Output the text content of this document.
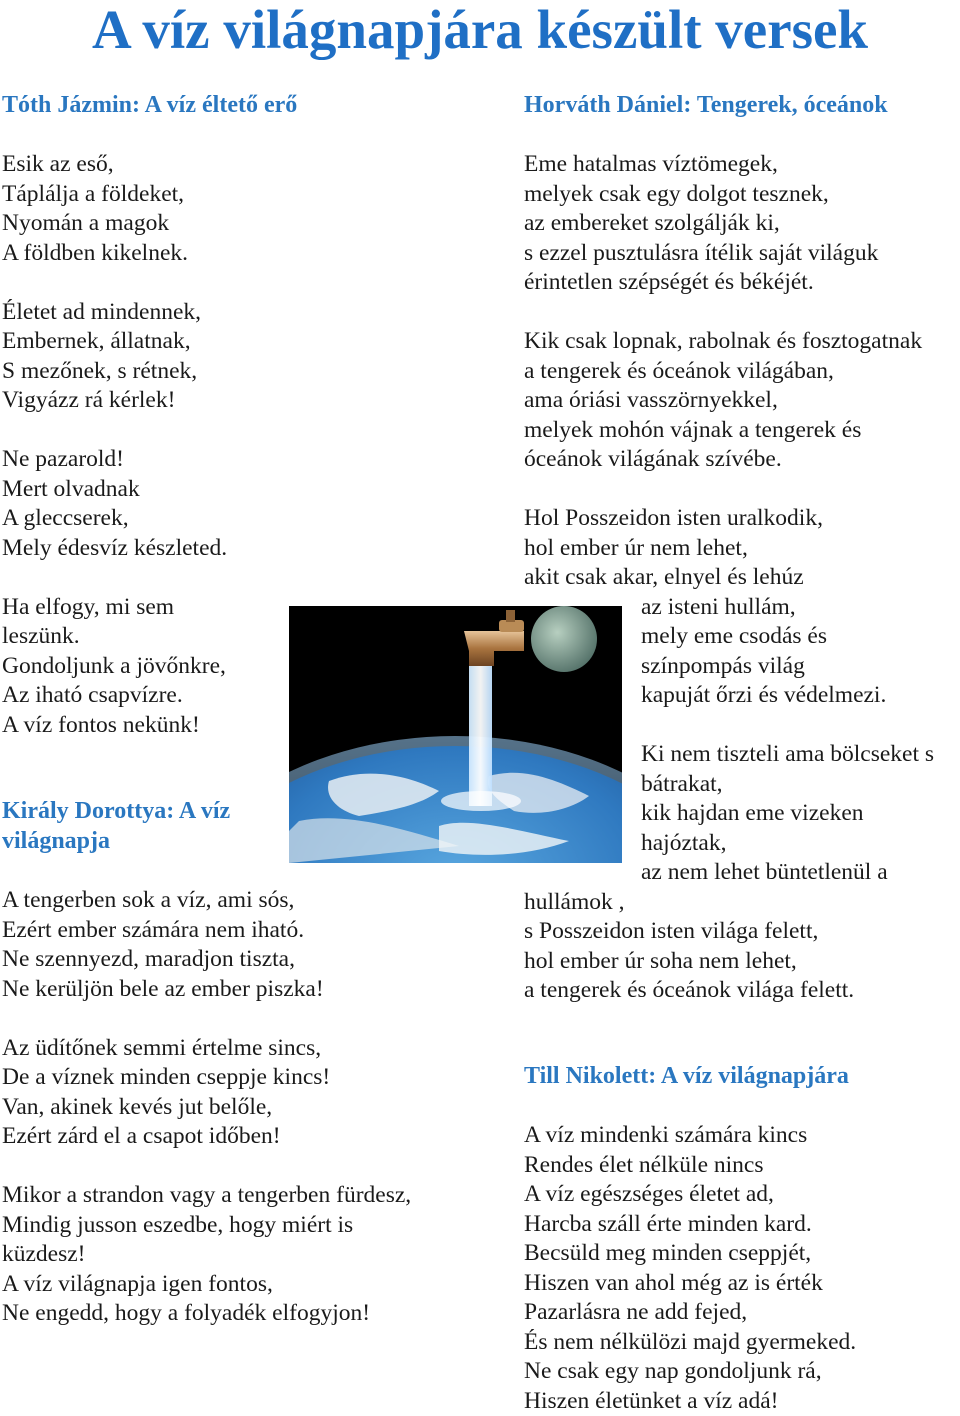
A víz világnapjára készült versek
Tóth Jázmin: A víz éltető erő
Esik az eső,
Táplálja a földeket,
Nyomán a magok
A földben kikelnek.
Életet ad mindennek,
Embernek, állatnak,
S mezőnek, s rétnek,
Vigyázz rá kérlek!
Ne pazarold!
Mert olvadnak
A gleccserek,
Mely édesvíz készleted.
Ha elfogy, mi sem
leszünk.
Gondoljunk a jövőnkre,
Az iható csapvízre.
A víz fontos nekünk!
Király Dorottya: A víz
világnapja
A tengerben sok a víz, ami sós,
Ezért ember számára nem iható.
Ne szennyezd, maradjon tiszta,
Ne kerüljön bele az ember piszka!
Az üdítőnek semmi értelme sincs,
De a víznek minden cseppje kincs!
Van, akinek kevés jut belőle,
Ezért zárd el a csapot időben!
Mikor a strandon vagy a tengerben fürdesz,
Mindig jusson eszedbe, hogy miért is
küzdesz!
A víz világnapja igen fontos,
Ne engedd, hogy a folyadék elfogyjon!
Horváth Dániel: Tengerek, óceánok
Eme hatalmas víztömegek,
melyek csak egy dolgot tesznek,
az embereket szolgálják ki,
s ezzel pusztulásra ítélik saját világuk
érintetlen szépségét és békéjét.
Kik csak lopnak, rabolnak és fosztogatnak
a tengerek és óceánok világában,
ama óriási vasszörnyekkel,
melyek mohón vájnak a tengerek és
óceánok világának szívébe.
Hol Posszeidon isten uralkodik,
hol ember úr nem lehet,
akit csak akar, elnyel és lehúz
az isteni hullám,
mely eme csodás és
színpompás világ
kapuját őrzi és védelmezi.
Ki nem tiszteli ama bölcseket s
bátrakat,
kik hajdan eme vizeken
hajóztak,
az nem lehet büntetlenül a
hullámok ,
s Posszeidon isten világa felett,
hol ember úr soha nem lehet,
a tengerek és óceánok világa felett.
Till Nikolett: A víz világnapjára
A víz mindenki számára kincs
Rendes élet nélküle nincs
A víz egészséges életet ad,
Harcba száll érte minden kard.
Becsüld meg minden cseppjét,
Hiszen van ahol még az is érték
Pazarlásra ne add fejed,
És nem nélkülözi majd gyermeked.
Ne csak egy nap gondoljunk rá,
Hiszen életünket a víz adá!
